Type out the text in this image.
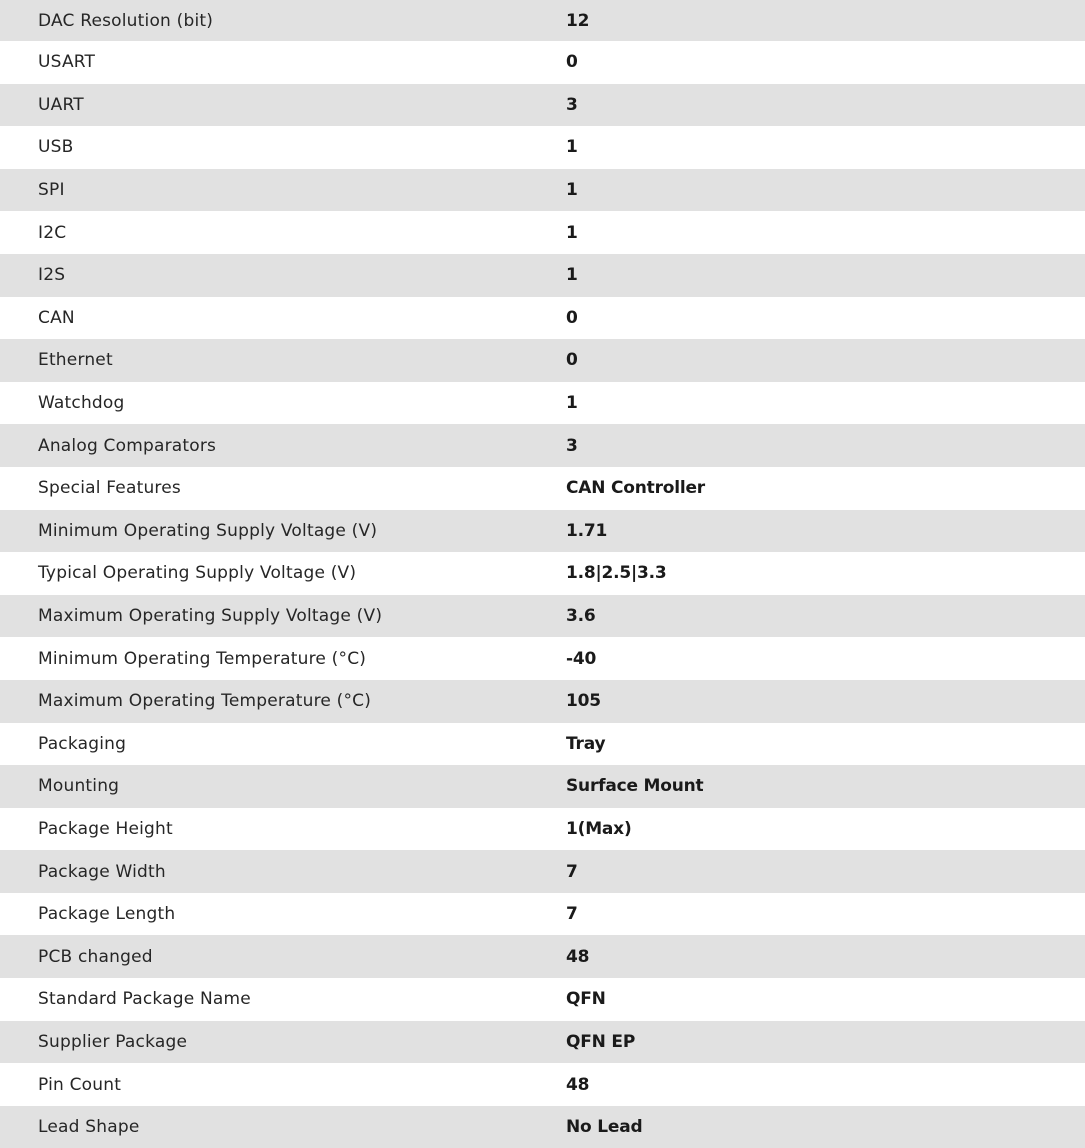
DAC Resolution (bit)	12
USART	0
UART	3
USB	1
SPI	1
I2C	1
I2S	1
CAN	0
Ethernet	0
Watchdog	1
Analog Comparators	3
Special Features	CAN Controller
Minimum Operating Supply Voltage (V)	1.71
Typical Operating Supply Voltage (V)	1.8|2.5|3.3
Maximum Operating Supply Voltage (V)	3.6
Minimum Operating Temperature (°C)	-40
Maximum Operating Temperature (°C)	105
Packaging	Tray
Mounting	Surface Mount
Package Height	1(Max)
Package Width	7
Package Length	7
PCB changed	48
Standard Package Name	QFN
Supplier Package	QFN EP
Pin Count	48
Lead Shape	No Lead
